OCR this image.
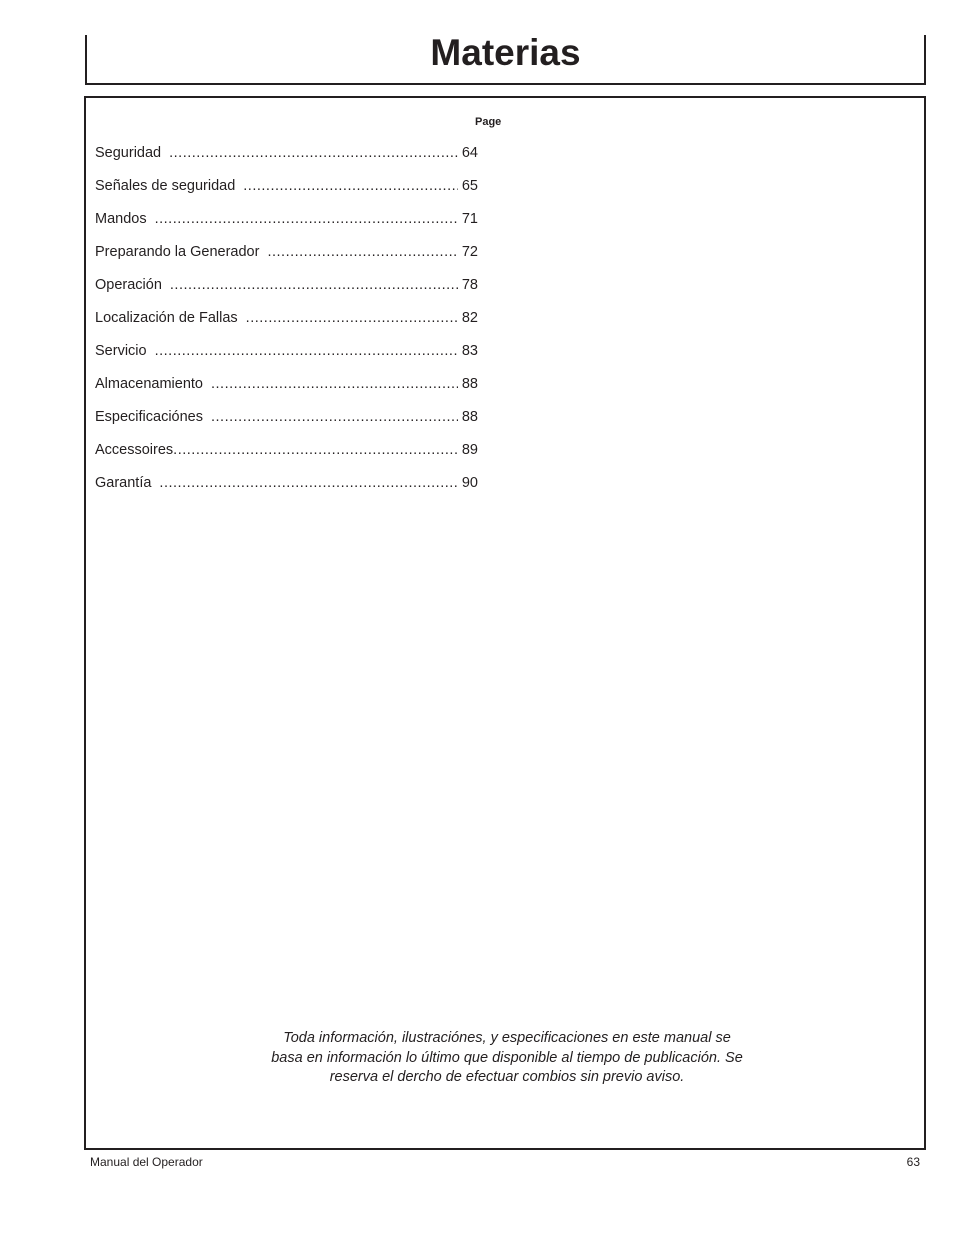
Materias
Page
Seguridad .....	64
Señales de seguridad .....	65
Mandos .....	71
Preparando la Generador .....	72
Operación .....	78
Localización de Fallas .....	82
Servicio .....	83
Almacenamiento .....	88
Especificaciónes .....	88
Accessoires .....	89
Garantía .....	90

Toda información, ilustraciónes, y especificaciones en este manual se
basa en información lo último que disponible al tiempo de publicación. Se
reserva el dercho de efectuar combios sin previo aviso.

Manual del Operador	63
